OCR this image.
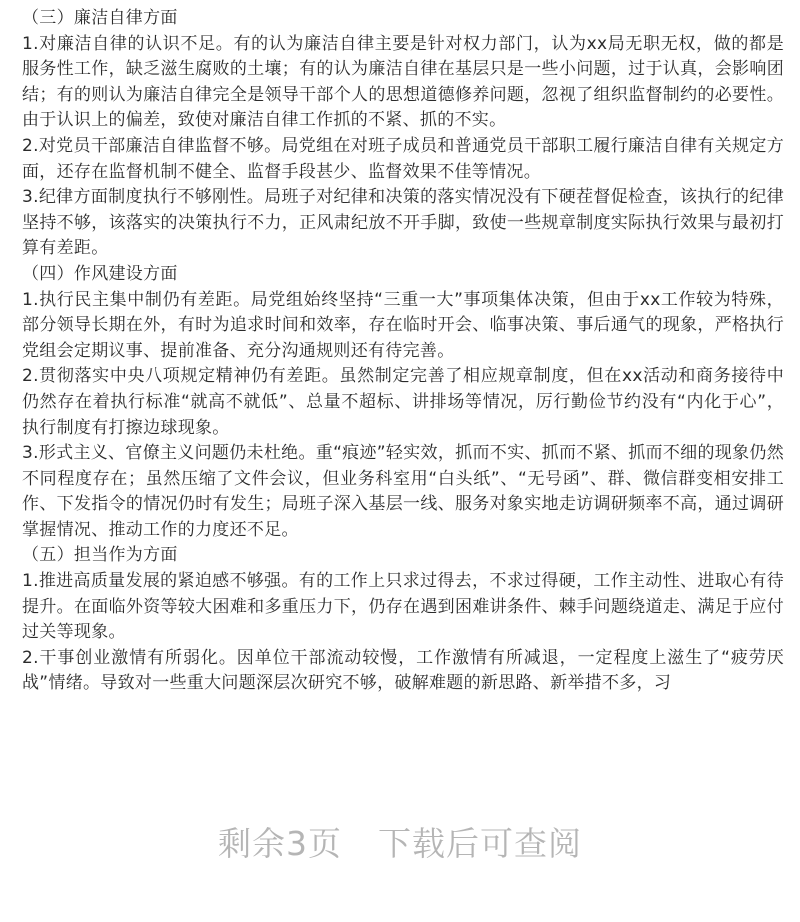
（三）廉洁自律方面

1.对廉洁自律的认识不足。有的认为廉洁自律主要是针对权力部门，认为xx局无职无权，做的都是服务性工作，缺乏滋生腐败的土壤；有的认为廉洁自律在基层只是一些小问题，过于认真，会影响团结；有的则认为廉洁自律完全是领导干部个人的思想道德修养问题，忽视了组织监督制约的必要性。由于认识上的偏差，致使对廉洁自律工作抓的不紧、抓的不实。

2.对党员干部廉洁自律监督不够。局党组在对班子成员和普通党员干部职工履行廉洁自律有关规定方面，还存在监督机制不健全、监督手段甚少、监督效果不佳等情况。

3.纪律方面制度执行不够刚性。局班子对纪律和决策的落实情况没有下硬茬督促检查，该执行的纪律坚持不够，该落实的决策执行不力，正风肃纪放不开手脚，致使一些规章制度实际执行效果与最初打算有差距。

（四）作风建设方面

1.执行民主集中制仍有差距。局党组始终坚持“三重一大”事项集体决策，但由于xx工作较为特殊，部分领导长期在外，有时为追求时间和效率，存在临时开会、临事决策、事后通气的现象，严格执行党组会定期议事、提前准备、充分沟通规则还有待完善。

2.贯彻落实中央八项规定精神仍有差距。虽然制定完善了相应规章制度，但在xx活动和商务接待中仍然存在着执行标准“就高不就低”、总量不超标、讲排场等情况，厉行勤俭节约没有“内化于心”，执行制度有打擦边球现象。

3.形式主义、官僚主义问题仍未杜绝。重“痕迹”轻实效，抓而不实、抓而不紧、抓而不细的现象仍然不同程度存在；虽然压缩了文件会议，但业务科室用“白头纸”、“无号函”、群、微信群变相安排工作、下发指令的情况仍时有发生；局班子深入基层一线、服务对象实地走访调研频率不高，通过调研掌握情况、推动工作的力度还不足。

（五）担当作为方面

1.推进高质量发展的紧迫感不够强。有的工作上只求过得去，不求过得硬，工作主动性、进取心有待提升。在面临外资等较大困难和多重压力下，仍存在遇到困难讲条件、棘手问题绕道走、满足于应付过关等现象。

2.干事创业激情有所弱化。因单位干部流动较慢，工作激情有所减退，一定程度上滋生了“疲劳厌战”情绪。导致对一些重大问题深层次研究不够，破解难题的新思路、新举措不多，习

剩余3页 下载后可查阅
